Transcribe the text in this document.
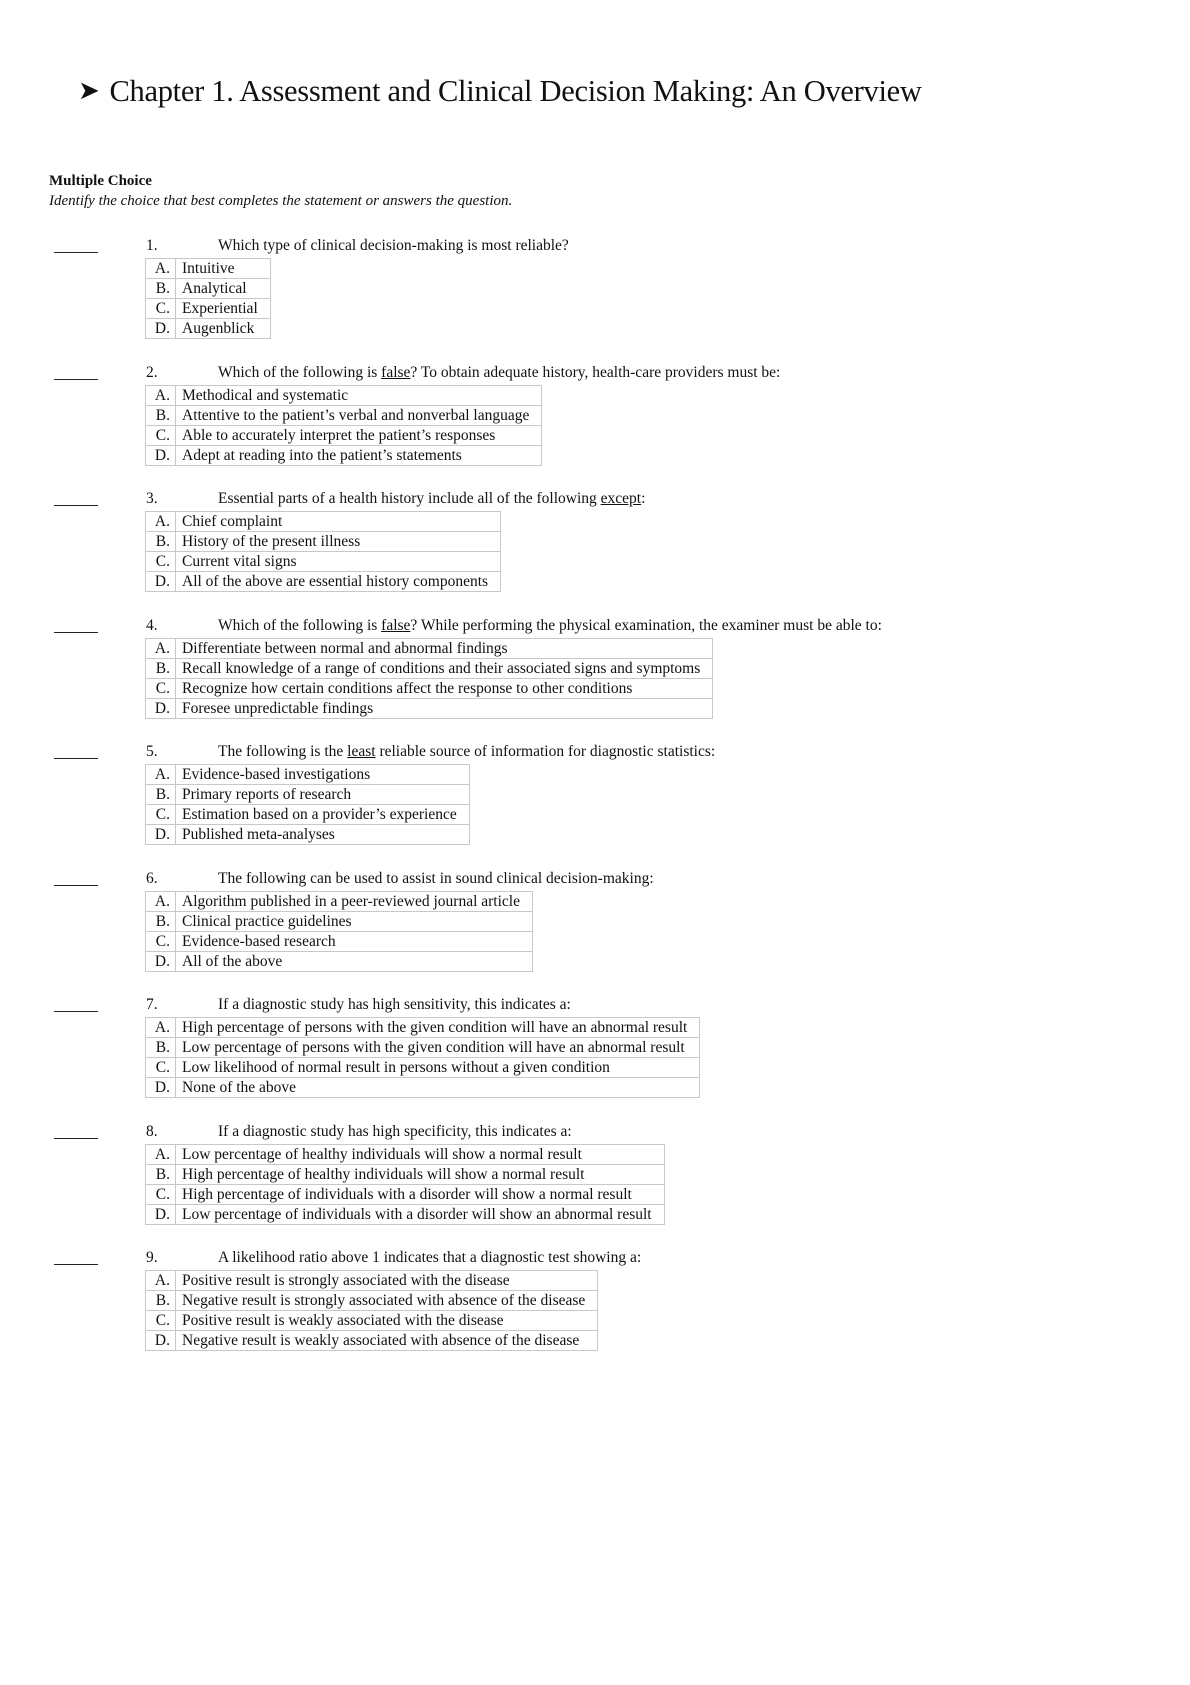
➤ Chapter 1. Assessment and Clinical Decision Making: An Overview
Multiple Choice
Identify the choice that best completes the statement or answers the question.
1.	Which type of clinical decision-making is most reliable?
A.	Intuitive
B.	Analytical
C.	Experiential
D.	Augenblick
2.	Which of the following is false? To obtain adequate history, health-care providers must be:
A.	Methodical and systematic
B.	Attentive to the patient’s verbal and nonverbal language
C.	Able to accurately interpret the patient’s responses
D.	Adept at reading into the patient’s statements
3.	Essential parts of a health history include all of the following except:
A.	Chief complaint
B.	History of the present illness
C.	Current vital signs
D.	All of the above are essential history components
4.	Which of the following is false? While performing the physical examination, the examiner must be able to:
A.	Differentiate between normal and abnormal findings
B.	Recall knowledge of a range of conditions and their associated signs and symptoms
C.	Recognize how certain conditions affect the response to other conditions
D.	Foresee unpredictable findings
5.	The following is the least reliable source of information for diagnostic statistics:
A.	Evidence-based investigations
B.	Primary reports of research
C.	Estimation based on a provider’s experience
D.	Published meta-analyses
6.	The following can be used to assist in sound clinical decision-making:
A.	Algorithm published in a peer-reviewed journal article
B.	Clinical practice guidelines
C.	Evidence-based research
D.	All of the above
7.	If a diagnostic study has high sensitivity, this indicates a:
A.	High percentage of persons with the given condition will have an abnormal result
B.	Low percentage of persons with the given condition will have an abnormal result
C.	Low likelihood of normal result in persons without a given condition
D.	None of the above
8.	If a diagnostic study has high specificity, this indicates a:
A.	Low percentage of healthy individuals will show a normal result
B.	High percentage of healthy individuals will show a normal result
C.	High percentage of individuals with a disorder will show a normal result
D.	Low percentage of individuals with a disorder will show an abnormal result
9.	A likelihood ratio above 1 indicates that a diagnostic test showing a:
A.	Positive result is strongly associated with the disease
B.	Negative result is strongly associated with absence of the disease
C.	Positive result is weakly associated with the disease
D.	Negative result is weakly associated with absence of the disease
